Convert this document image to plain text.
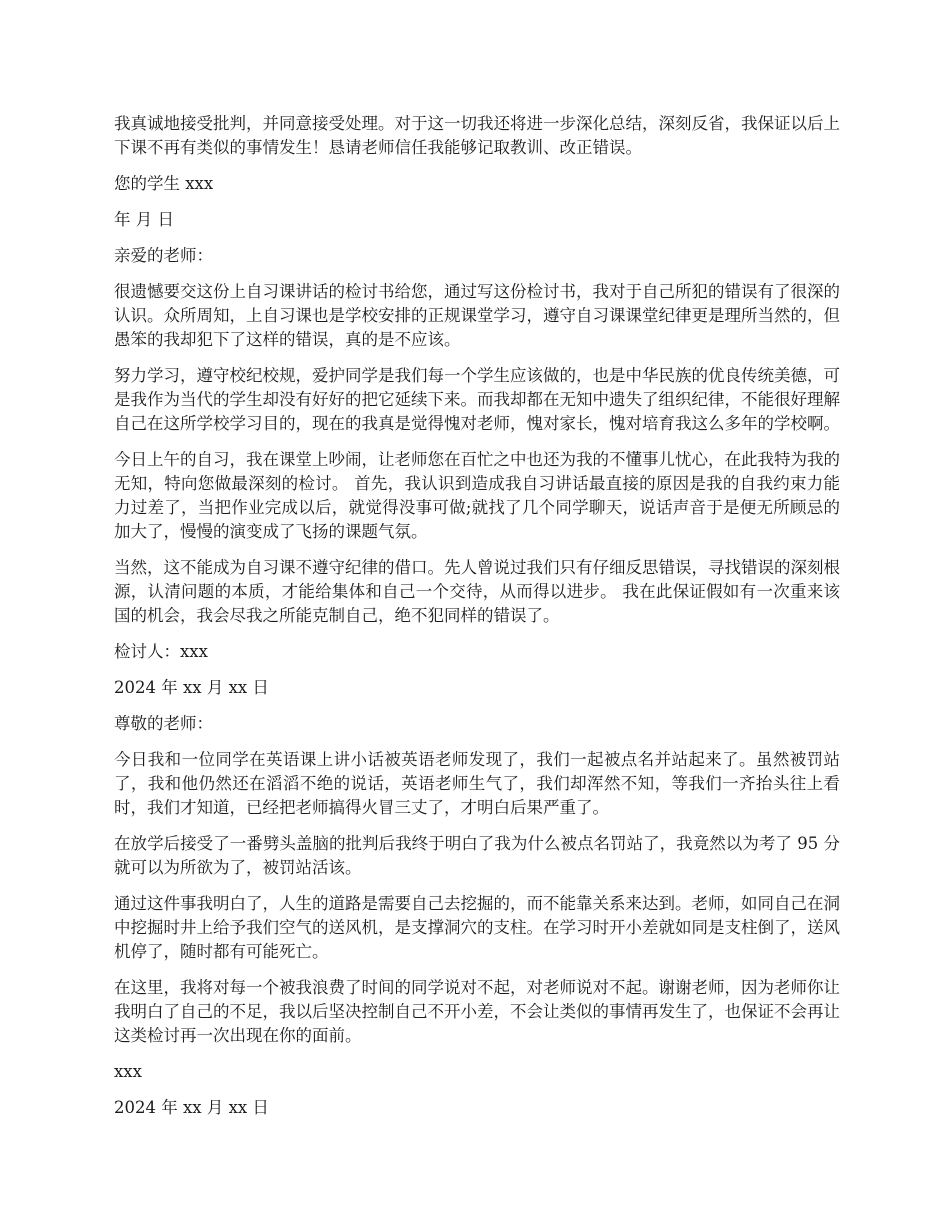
我真诚地接受批判，并同意接受处理。对于这一切我还将进一步深化总结，深刻反省，我保证以后上下课不再有类似的事情发生！恳请老师信任我能够记取教训、改正错误。

您的学生 xxx

年 月 日

亲爱的老师：

很遗憾要交这份上自习课讲话的检讨书给您，通过写这份检讨书，我对于自己所犯的错误有了很深的认识。众所周知，上自习课也是学校安排的正规课堂学习，遵守自习课课堂纪律更是理所当然的，但愚笨的我却犯下了这样的错误，真的是不应该。

努力学习，遵守校纪校规，爱护同学是我们每一个学生应该做的，也是中华民族的优良传统美德，可是我作为当代的学生却没有好好的把它延续下来。而我却都在无知中遗失了组织纪律，不能很好理解自己在这所学校学习目的，现在的我真是觉得愧对老师，愧对家长，愧对培育我这么多年的学校啊。

今日上午的自习，我在课堂上吵闹，让老师您在百忙之中也还为我的不懂事儿忧心，在此我特为我的无知，特向您做最深刻的检讨。 首先，我认识到造成我自习讲话最直接的原因是我的自我约束力能力过差了，当把作业完成以后，就觉得没事可做;就找了几个同学聊天，说话声音于是便无所顾忌的加大了，慢慢的演变成了飞扬的课题气氛。

当然，这不能成为自习课不遵守纪律的借口。先人曾说过我们只有仔细反思错误，寻找错误的深刻根源，认清问题的本质，才能给集体和自己一个交待，从而得以进步。 我在此保证假如有一次重来该国的机会，我会尽我之所能克制自己，绝不犯同样的错误了。

检讨人：xxx

2024 年 xx 月 xx 日

尊敬的老师：

今日我和一位同学在英语课上讲小话被英语老师发现了，我们一起被点名并站起来了。虽然被罚站了，我和他仍然还在滔滔不绝的说话，英语老师生气了，我们却浑然不知，等我们一齐抬头往上看时，我们才知道，已经把老师搞得火冒三丈了，才明白后果严重了。

在放学后接受了一番劈头盖脑的批判后我终于明白了我为什么被点名罚站了，我竟然以为考了 95 分就可以为所欲为了，被罚站活该。

通过这件事我明白了，人生的道路是需要自己去挖掘的，而不能靠关系来达到。老师，如同自己在洞中挖掘时井上给予我们空气的送风机，是支撑洞穴的支柱。在学习时开小差就如同是支柱倒了，送风机停了，随时都有可能死亡。

在这里，我将对每一个被我浪费了时间的同学说对不起，对老师说对不起。谢谢老师，因为老师你让我明白了自己的不足，我以后坚决控制自己不开小差，不会让类似的事情再发生了，也保证不会再让这类检讨再一次出现在你的面前。

xxx

2024 年 xx 月 xx 日
